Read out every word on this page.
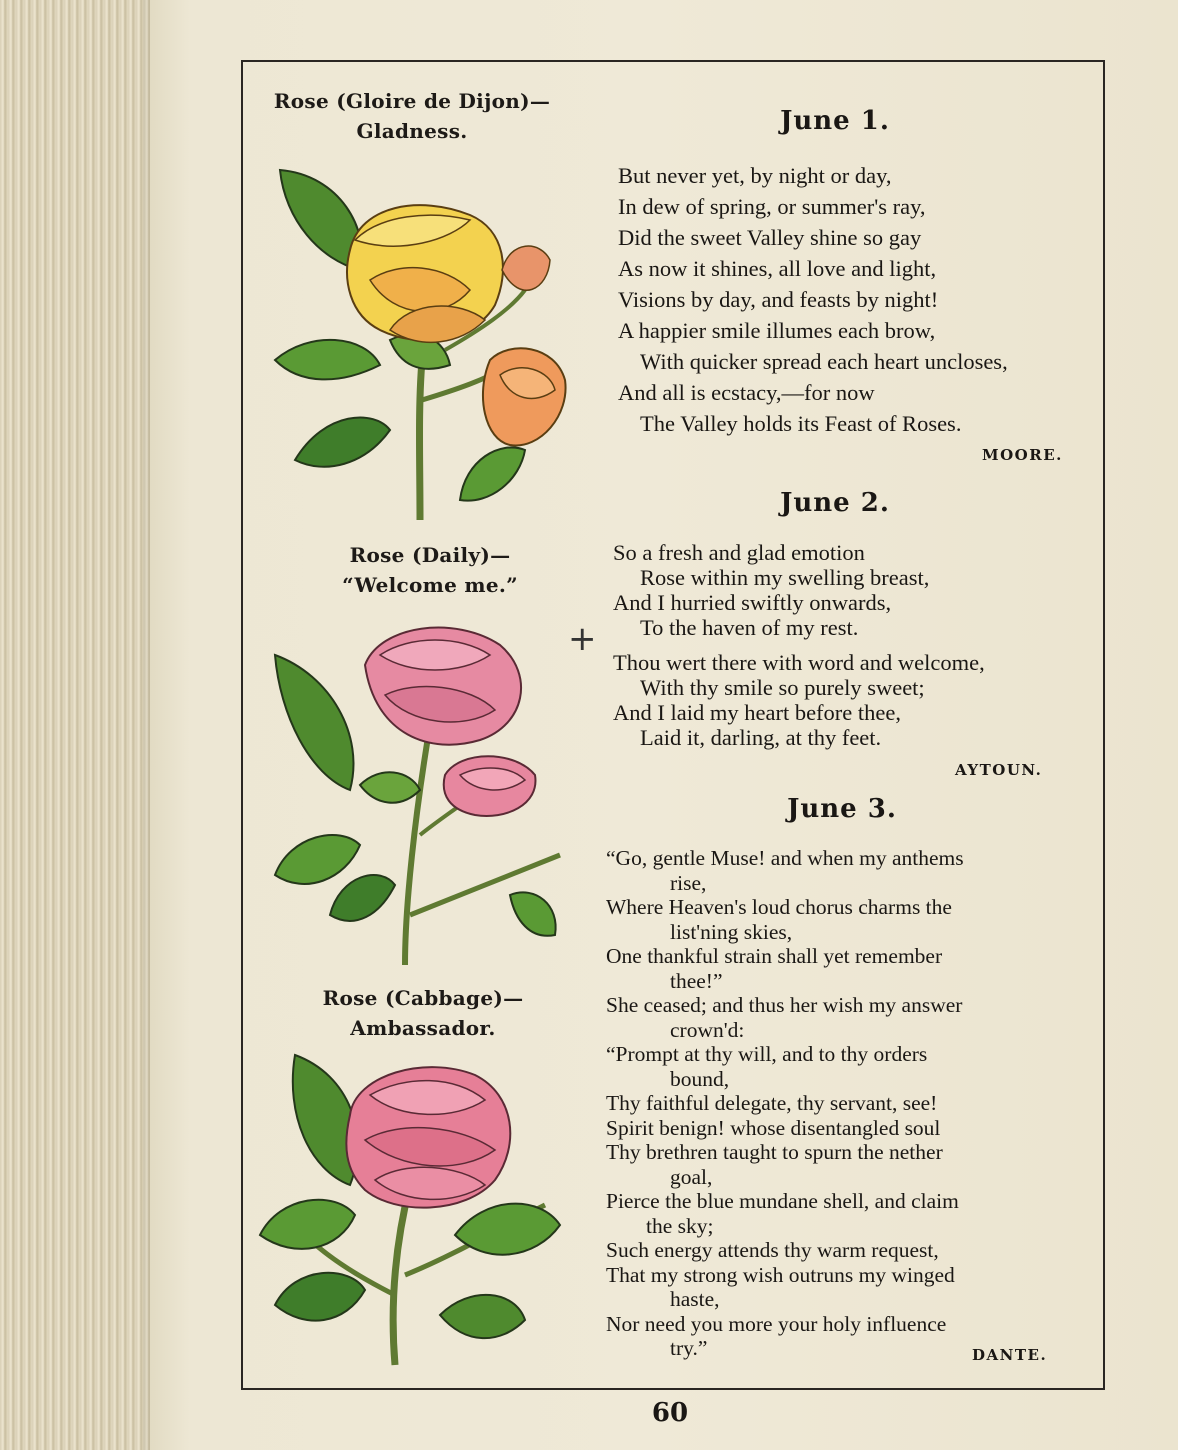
Rose (Gloire de Dijon)—
Gladness.
Rose (Daily)—
“Welcome me.”
Rose (Cabbage)—
Ambassador.
June 1.
But never yet, by night or day,
In dew of spring, or summer's ray,
Did the sweet Valley shine so gay
As now it shines, all love and light,
Visions by day, and feasts by night!
A happier smile illumes each brow,
With quicker spread each heart uncloses,
And all is ecstacy,—for now
The Valley holds its Feast of Roses.
MOORE.
June 2.
So a fresh and glad emotion
Rose within my swelling breast,
And I hurried swiftly onwards,
To the haven of my rest.
Thou wert there with word and welcome,
With thy smile so purely sweet;
And I laid my heart before thee,
Laid it, darling, at thy feet.
AYTOUN.
+
June 3.
“Go, gentle Muse! and when my anthems
rise,
Where Heaven's loud chorus charms the
list'ning skies,
One thankful strain shall yet remember
thee!”
She ceased; and thus her wish my answer
crown'd:
“Prompt at thy will, and to thy orders
bound,
Thy faithful delegate, thy servant, see!
Spirit benign! whose disentangled soul
Thy brethren taught to spurn the nether
goal,
Pierce the blue mundane shell, and claim
the sky;
Such energy attends thy warm request,
That my strong wish outruns my winged
haste,
Nor need you more your holy influence
try.”	DANTE.
60
